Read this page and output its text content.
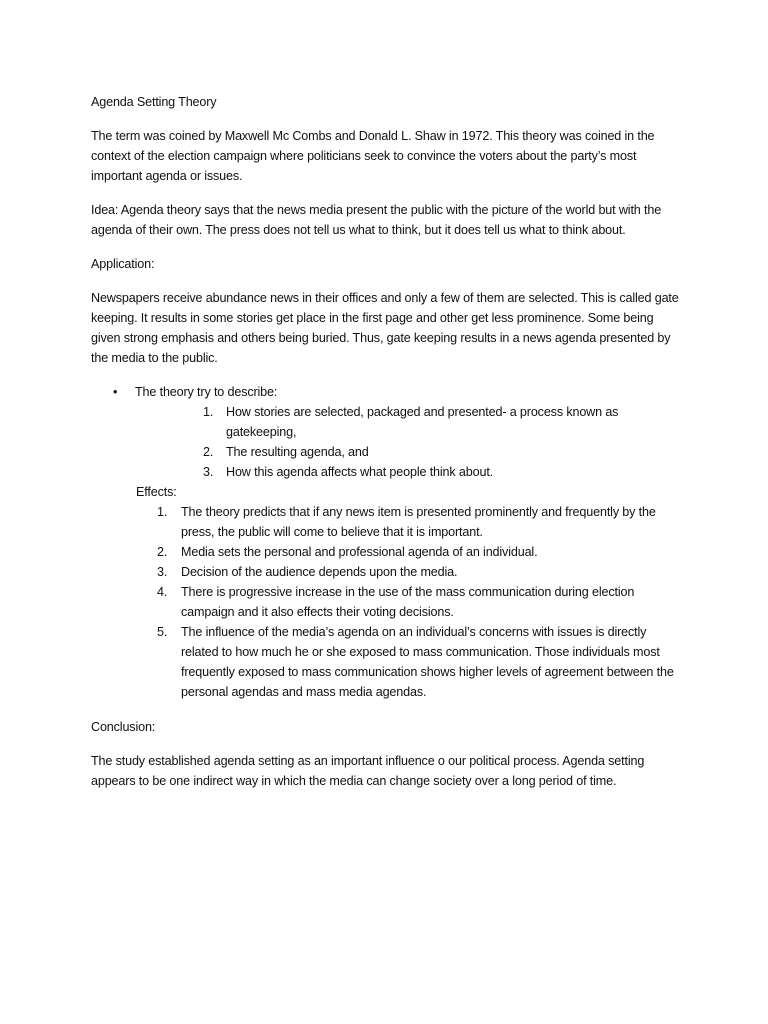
Agenda Setting Theory

The term was coined by Maxwell Mc Combs and Donald L. Shaw in 1972. This theory was coined in the context of the election campaign where politicians seek to convince the voters about the party’s most important agenda or issues.

Idea: Agenda theory says that the news media present the public with the picture of the world but with the agenda of their own. The press does not tell us what to think, but it does tell us what to think about.

Application:

Newspapers receive abundance news in their offices and only a few of them are selected. This is called gate keeping. It results in some stories get place in the first page and other get less prominence. Some being given strong emphasis and others being buried. Thus, gate keeping results in a news agenda presented by the media to the public.

•	The theory try to describe:
1.	How stories are selected, packaged and presented- a process known as gatekeeping,
2.	The resulting agenda, and
3.	How this agenda affects what people think about.

Effects:

1.	The theory predicts that if any news item is presented prominently and frequently by the press, the public will come to believe that it is important.
2.	Media sets the personal and professional agenda of an individual.
3.	Decision of the audience depends upon the media.
4.	There is progressive increase in the use of the mass communication during election campaign and it also effects their voting decisions.
5.	The influence of the media’s agenda on an individual’s concerns with issues is directly related to how much he or she exposed to mass communication. Those individuals most frequently exposed to mass communication shows higher levels of agreement between the personal agendas and mass media agendas.

Conclusion:

The study established agenda setting as an important influence o our political process. Agenda setting appears to be one indirect way in which the media can change society over a long period of time.
